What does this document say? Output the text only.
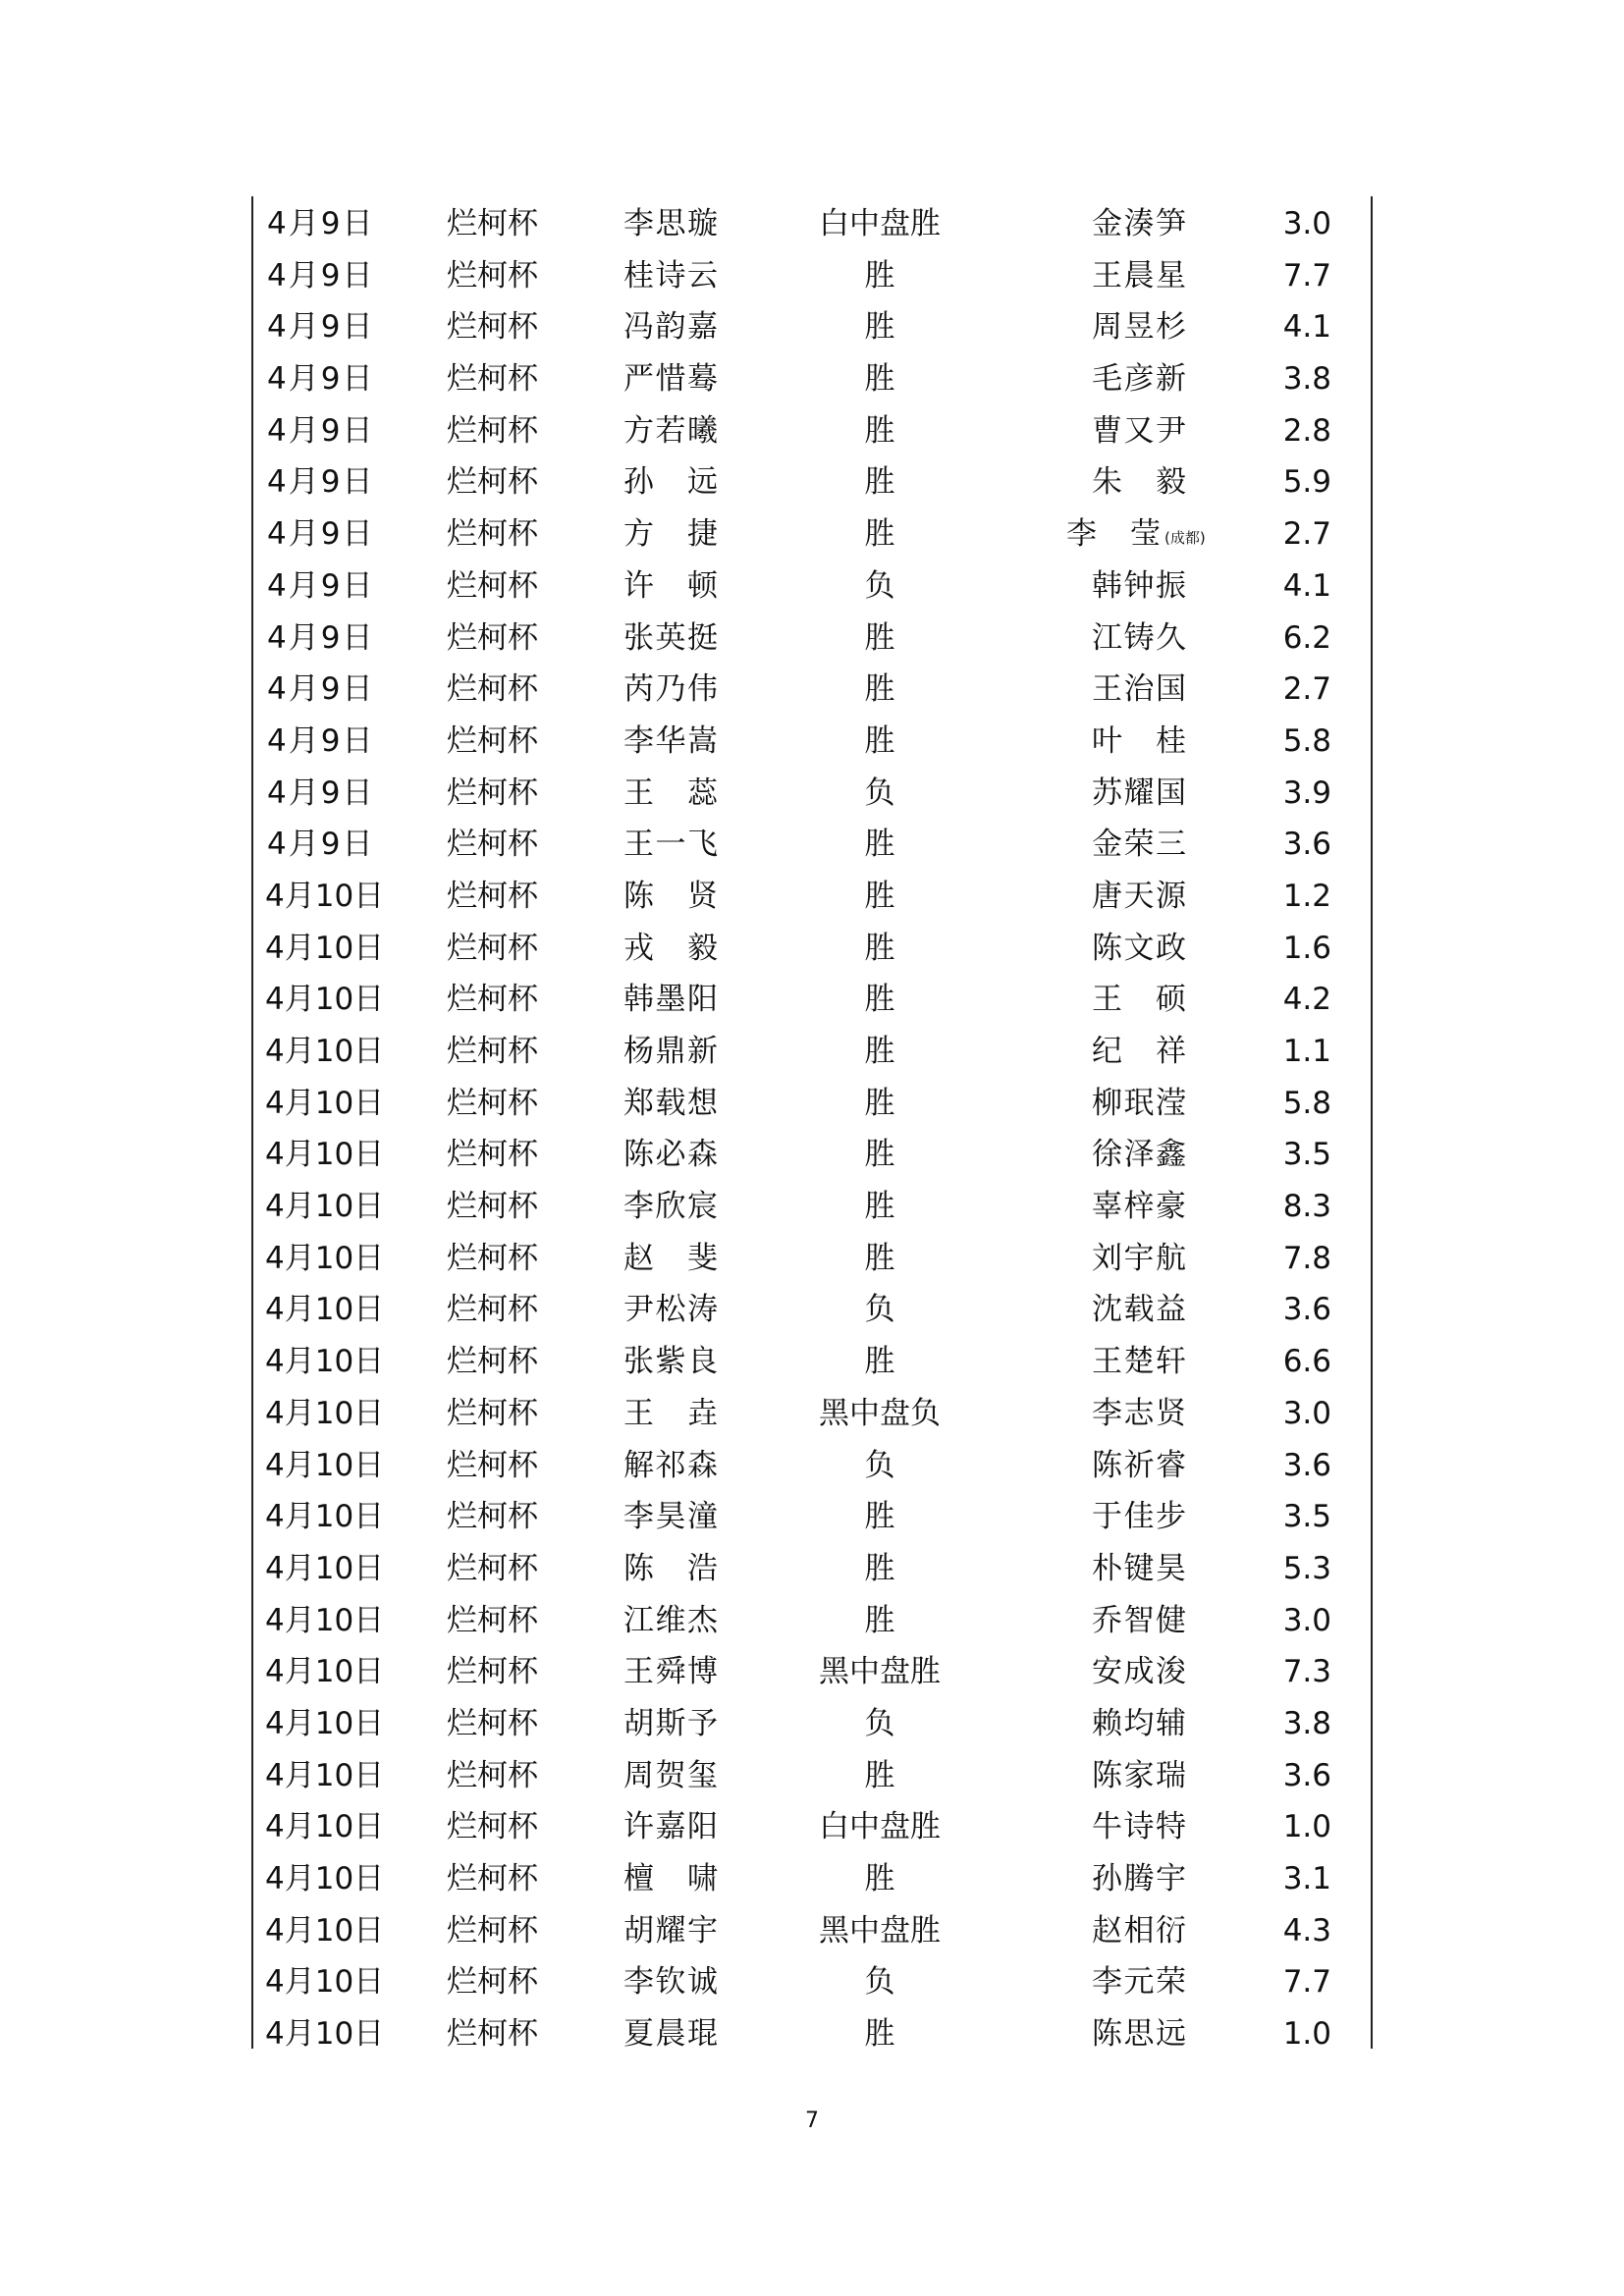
4月9日	烂柯杯	李思璇	白中盘胜	金湊笋	3.0
4月9日	烂柯杯	桂诗云	胜	王晨星	7.7
4月9日	烂柯杯	冯韵嘉	胜	周昱杉	4.1
4月9日	烂柯杯	严惜蓦	胜	毛彦新	3.8
4月9日	烂柯杯	方若曦	胜	曹又尹	2.8
4月9日	烂柯杯	孙 远	胜	朱 毅	5.9
4月9日	烂柯杯	方 捷	胜	李 莹 (成都)	2.7
4月9日	烂柯杯	许 顿	负	韩钟振	4.1
4月9日	烂柯杯	张英挺	胜	江铸久	6.2
4月9日	烂柯杯	芮乃伟	胜	王治国	2.7
4月9日	烂柯杯	李华嵩	胜	叶 桂	5.8
4月9日	烂柯杯	王 蕊	负	苏耀国	3.9
4月9日	烂柯杯	王一飞	胜	金荣三	3.6
4月10日	烂柯杯	陈 贤	胜	唐天源	1.2
4月10日	烂柯杯	戎 毅	胜	陈文政	1.6
4月10日	烂柯杯	韩墨阳	胜	王 硕	4.2
4月10日	烂柯杯	杨鼎新	胜	纪 祥	1.1
4月10日	烂柯杯	郑载想	胜	柳珉滢	5.8
4月10日	烂柯杯	陈必森	胜	徐泽鑫	3.5
4月10日	烂柯杯	李欣宸	胜	辜梓豪	8.3
4月10日	烂柯杯	赵 斐	胜	刘宇航	7.8
4月10日	烂柯杯	尹松涛	负	沈载益	3.6
4月10日	烂柯杯	张紫良	胜	王楚轩	6.6
4月10日	烂柯杯	王 垚	黑中盘负	李志贤	3.0
4月10日	烂柯杯	解祁森	负	陈祈睿	3.6
4月10日	烂柯杯	李昊潼	胜	于佳步	3.5
4月10日	烂柯杯	陈 浩	胜	朴键昊	5.3
4月10日	烂柯杯	江维杰	胜	乔智健	3.0
4月10日	烂柯杯	王舜博	黑中盘胜	安成浚	7.3
4月10日	烂柯杯	胡斯予	负	赖均辅	3.8
4月10日	烂柯杯	周贺玺	胜	陈家瑞	3.6
4月10日	烂柯杯	许嘉阳	白中盘胜	牛诗特	1.0
4月10日	烂柯杯	檀 啸	胜	孙腾宇	3.1
4月10日	烂柯杯	胡耀宇	黑中盘胜	赵相衍	4.3
4月10日	烂柯杯	李钦诚	负	李元荣	7.7
4月10日	烂柯杯	夏晨琨	胜	陈思远	1.0
7
